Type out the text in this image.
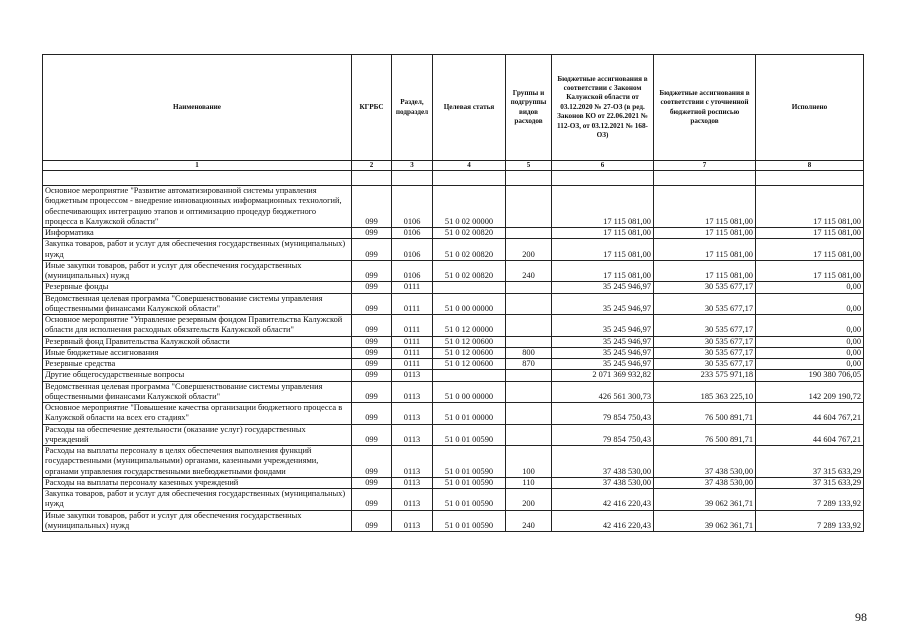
Наименование	КГРБС	Раздел, подраздел	Целевая статья	Группы и подгруппы видов расходов	Бюджетные ассигнования в соответствии с Законом Калужской области от 03.12.2020 № 27-ОЗ (в ред. Законов КО от 22.06.2021 № 112-ОЗ, от 03.12.2021 № 168-ОЗ)	Бюджетные ассигнования в соответствии с уточненной бюджетной росписью расходов	Исполнено
1	2	3	4	5	6	7	8

Основное мероприятие "Развитие автоматизированной системы управления бюджетным процессом - внедрение инновационных информационных технологий, обеспечивающих интеграцию этапов и оптимизацию процедур бюджетного процесса в Калужской области"	099	0106	51 0 02 00000		17 115 081,00	17 115 081,00	17 115 081,00
Информатика	099	0106	51 0 02 00820		17 115 081,00	17 115 081,00	17 115 081,00
Закупка товаров, работ и услуг для обеспечения государственных (муниципальных) нужд	099	0106	51 0 02 00820	200	17 115 081,00	17 115 081,00	17 115 081,00
Иные закупки товаров, работ и услуг для обеспечения государственных (муниципальных) нужд	099	0106	51 0 02 00820	240	17 115 081,00	17 115 081,00	17 115 081,00
Резервные фонды	099	0111			35 245 946,97	30 535 677,17	0,00
Ведомственная целевая программа "Совершенствование системы управления общественными финансами Калужской области"	099	0111	51 0 00 00000		35 245 946,97	30 535 677,17	0,00
Основное мероприятие "Управление резервным фондом Правительства Калужской области для исполнения расходных обязательств Калужской области"	099	0111	51 0 12 00000		35 245 946,97	30 535 677,17	0,00
Резервный фонд Правительства Калужской области	099	0111	51 0 12 00600		35 245 946,97	30 535 677,17	0,00
Иные бюджетные ассигнования	099	0111	51 0 12 00600	800	35 245 946,97	30 535 677,17	0,00
Резервные средства	099	0111	51 0 12 00600	870	35 245 946,97	30 535 677,17	0,00
Другие общегосударственные вопросы	099	0113			2 071 369 932,82	233 575 971,18	190 380 706,05
Ведомственная целевая программа "Совершенствование системы управления общественными финансами Калужской области"	099	0113	51 0 00 00000		426 561 300,73	185 363 225,10	142 209 190,72
Основное мероприятие "Повышение качества организации бюджетного процесса в Калужской области на всех его стадиях"	099	0113	51 0 01 00000		79 854 750,43	76 500 891,71	44 604 767,21
Расходы на обеспечение деятельности (оказание услуг) государственных учреждений	099	0113	51 0 01 00590		79 854 750,43	76 500 891,71	44 604 767,21
Расходы на выплаты персоналу в целях обеспечения выполнения функций государственными (муниципальными) органами, казенными учреждениями, органами управления государственными внебюджетными фондами	099	0113	51 0 01 00590	100	37 438 530,00	37 438 530,00	37 315 633,29
Расходы на выплаты персоналу казенных учреждений	099	0113	51 0 01 00590	110	37 438 530,00	37 438 530,00	37 315 633,29
Закупка товаров, работ и услуг для обеспечения государственных (муниципальных) нужд	099	0113	51 0 01 00590	200	42 416 220,43	39 062 361,71	7 289 133,92
Иные закупки товаров, работ и услуг для обеспечения государственных (муниципальных) нужд	099	0113	51 0 01 00590	240	42 416 220,43	39 062 361,71	7 289 133,92
98
